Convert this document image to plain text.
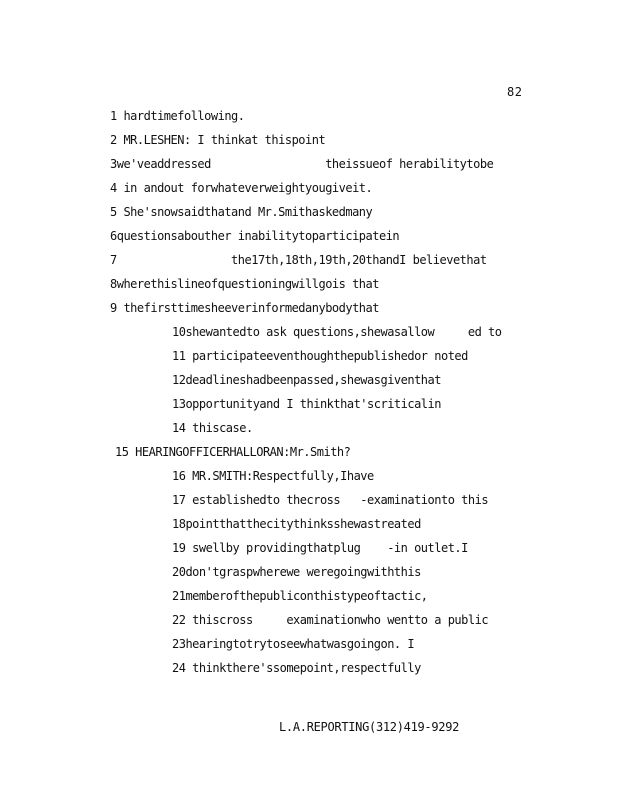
82
1 hardtimefollowing.
2 MR.LESHEN: I thinkat thispoint
3we'veaddressed                 theissueof herabilitytobe
4 in andout forwhateverweightyougiveit.
5 She'snowsaidthatand Mr.Smithaskedmany
6questionsabouther inabilitytoparticipatein
7                 the17th,18th,19th,20thandI believethat
8wherethislineofquestioningwillgois that
9 thefirsttimesheeverinformedanybodythat
10shewantedto ask questions,shewasallow     ed to
11 participateeventhoughthepublishedor noted
12deadlineshadbeenpassed,shewasgiventhat
13opportunityand I thinkthat'scriticalin
14 thiscase.
15 HEARINGOFFICERHALLORAN:Mr.Smith?
16 MR.SMITH:Respectfully,Ihave
17 establishedto thecross   -examinationto this
18pointthatthecitythinksshewastreated
19 swellby providingthatplug    -in outlet.I
20don'tgraspwherewe weregoingwiththis
21memberofthepubliconthistypeoftactic,
22 thiscross     examinationwho wentto a public
23hearingtotrytoseewhatwasgoingon. I
24 thinkthere'ssomepoint,respectfully
L.A.REPORTING(312)419-9292
